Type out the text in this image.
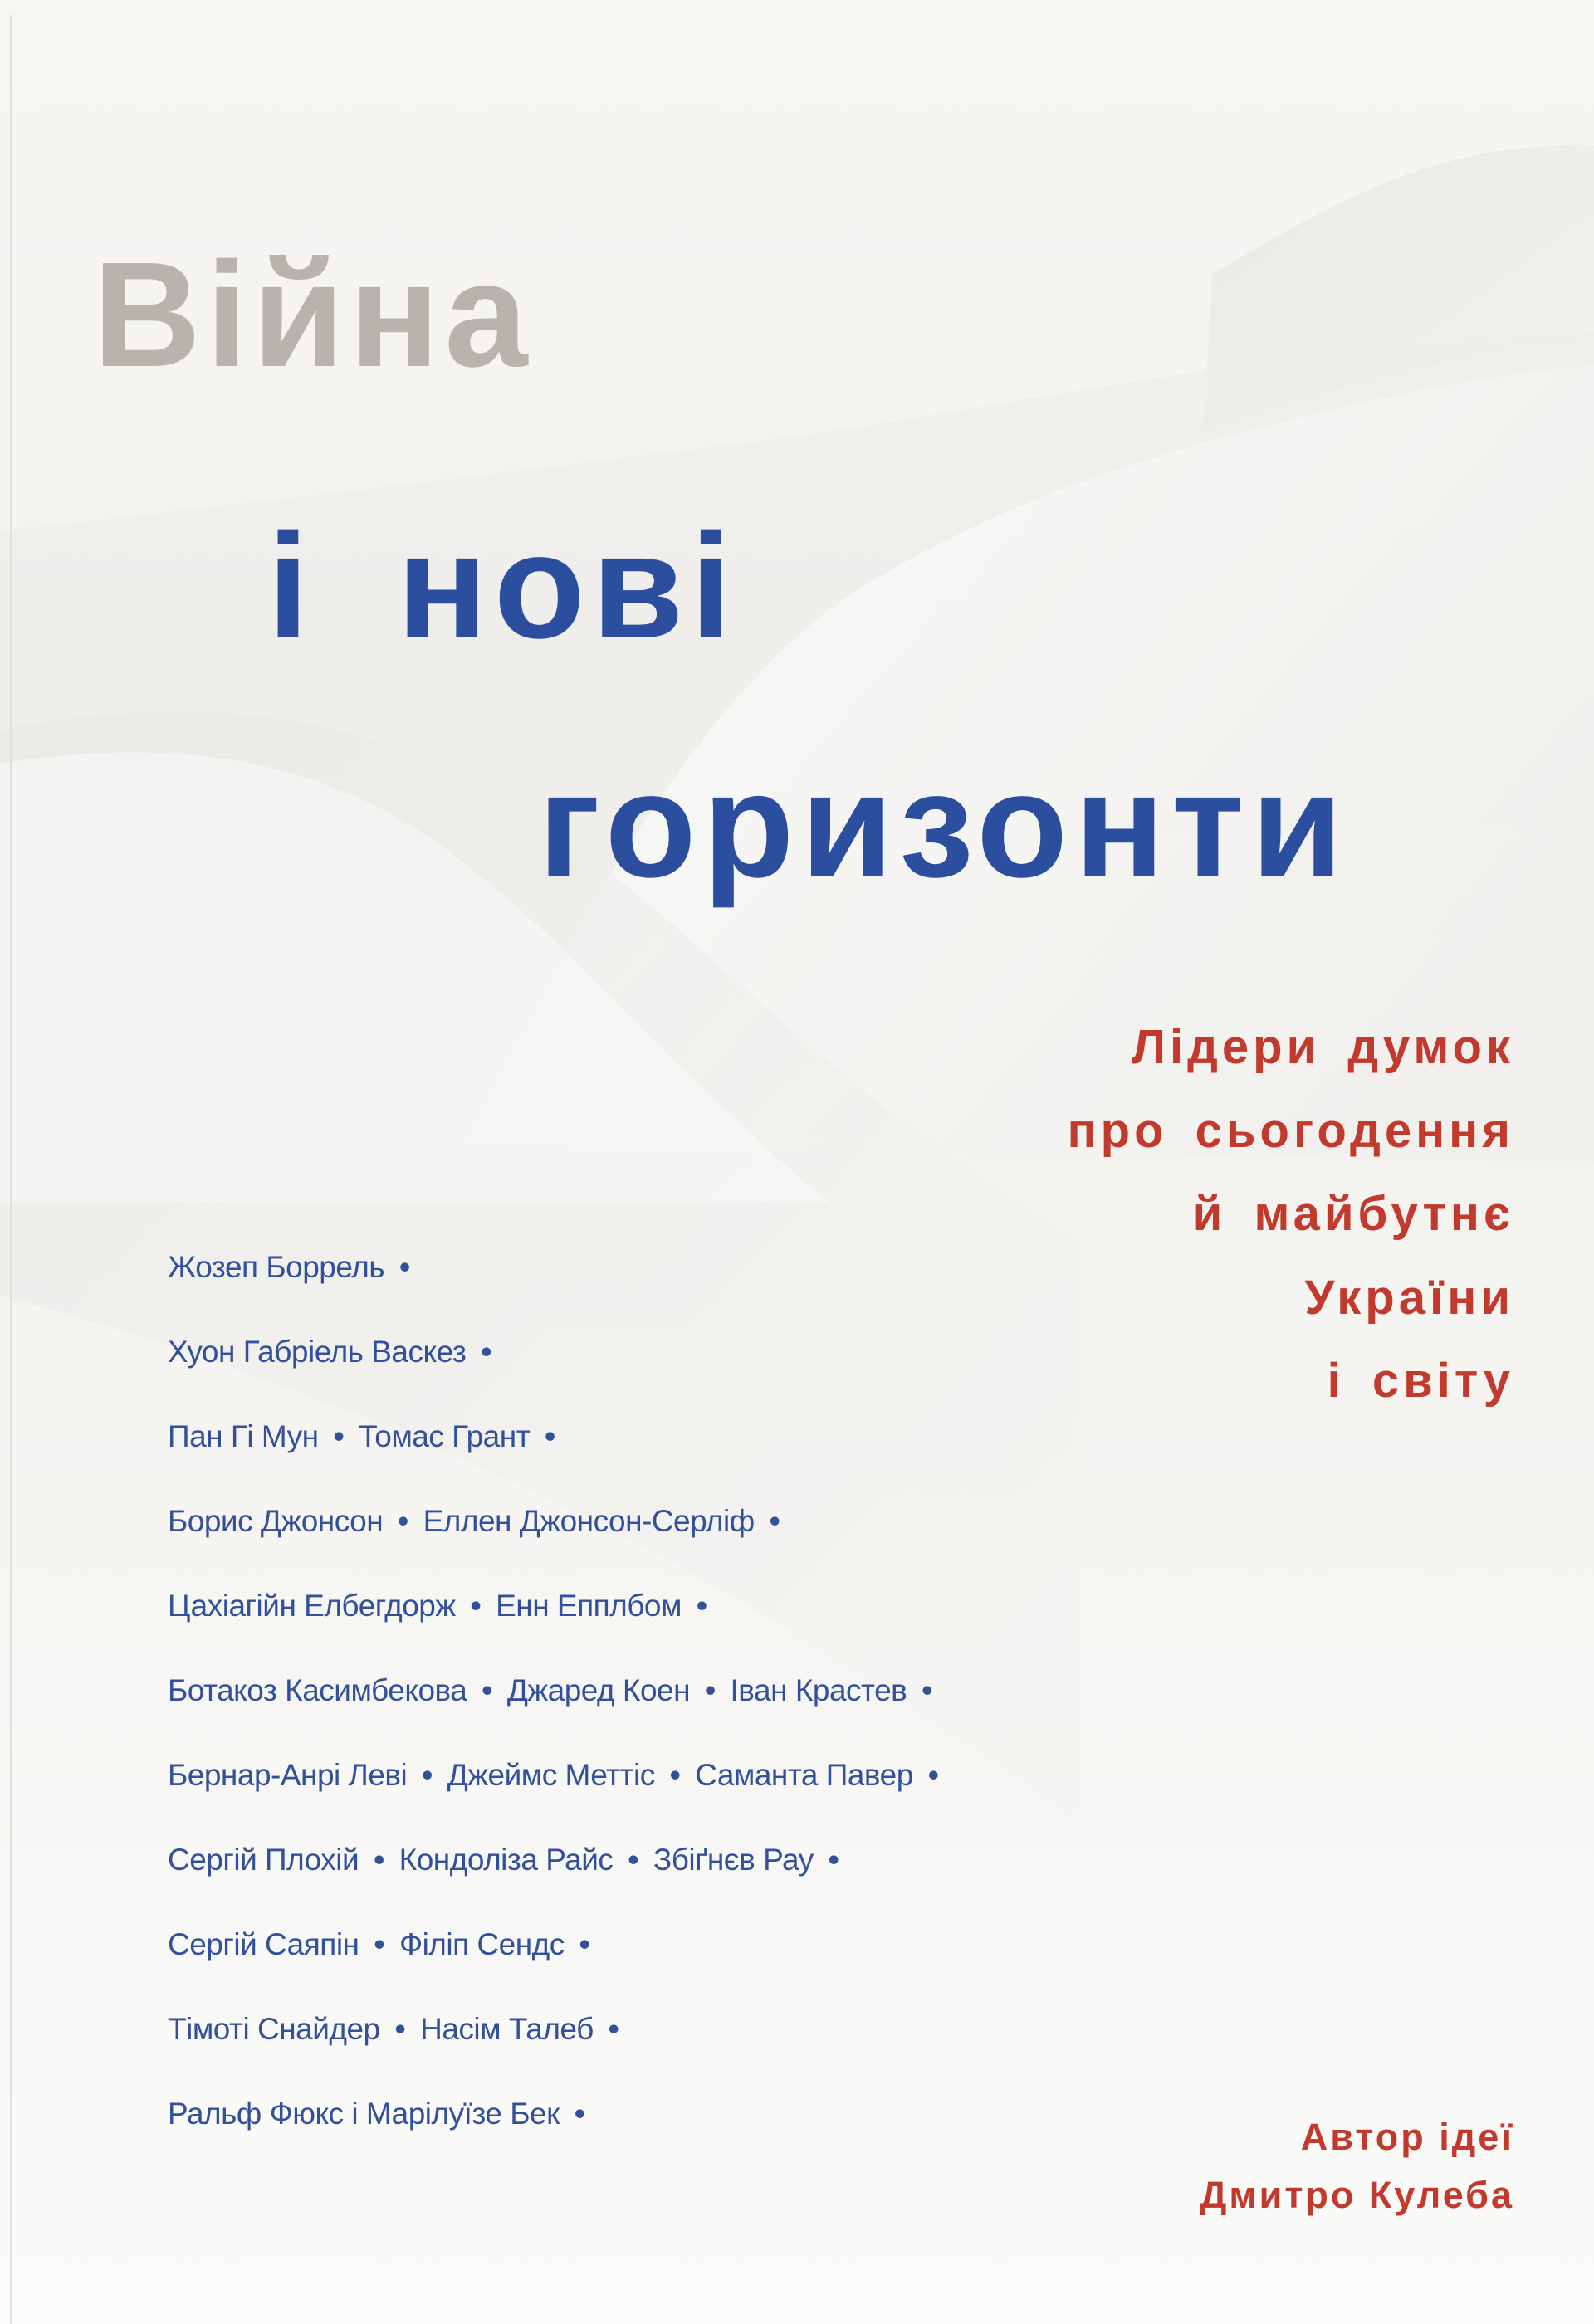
Війна
і нові
горизонти
Лідери думок
про сьогодення
й майбутнє
України
і світу
Жозеп Боррель •
Хуон Габріель Васкез •
Пан Гі Мун • Томас Грант •
Борис Джонсон • Еллен Джонсон-Серліф •
Цахіагійн Елбегдорж • Енн Епплбом •
Ботакоз Касимбекова • Джаред Коен • Іван Крастев •
Бернар-Анрі Леві • Джеймс Меттіс • Саманта Павер •
Сергій Плохій • Кондоліза Райс • Збіґнєв Рау •
Сергій Саяпін • Філіп Сендс •
Тімоті Снайдер • Насім Талеб •
Ральф Фюкс і Марілуїзе Бек •
Автор ідеї
Дмитро Кулеба
